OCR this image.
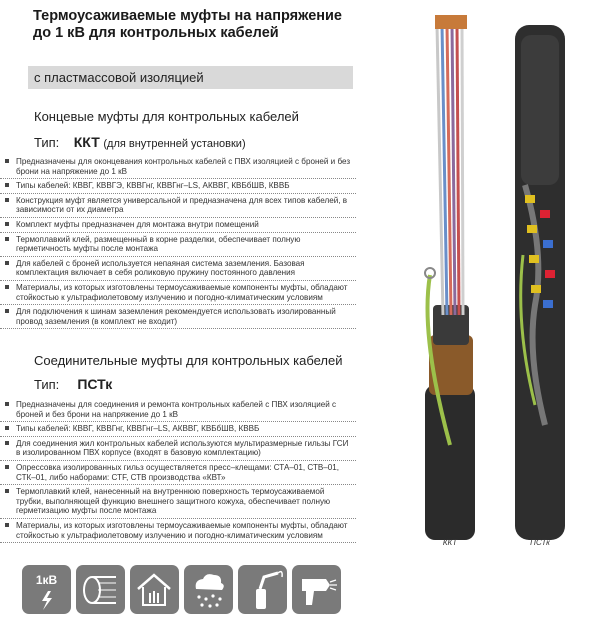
Термоусаживаемые муфты на напряжение до 1 кВ для контрольных кабелей
с пластмассовой изоляцией
Концевые муфты для контрольных кабелей
Тип: ККТ (для внутренней установки)
Предназначены для оконцевания контрольных кабелей с ПВХ изоляцией с броней и без брони на напряжение до 1 кВ
Типы кабелей: КВВГ, КВВГЭ, КВВГнг, КВВГнг–LS, АКВВГ, КВБбШВ, КВВБ
Конструкция муфт является универсальной и предназначена для всех типов кабелей, в зависимости от их диаметра
Комплект муфты предназначен для монтажа внутри помещений
Термоплавкий клей, размещенный в корне разделки, обеспечивает полную герметичность муфты после монтажа
Для кабелей с броней используется непаяная система заземления. Базовая комплектация включает в себя роликовую пружину постоянного давления
Материалы, из которых изготовлены термоусаживаемые компоненты муфты, обладают стойкостью к ультрафиолетовому излучению и погодно-климатическим условиям
Для подключения к шинам заземления рекомендуется использовать изолированный провод заземления (в комплект не входит)
Соединительные муфты для контрольных кабелей
Тип: ПСТк
Предназначены для соединения и ремонта контрольных кабелей с ПВХ изоляцией с броней и без брони на напряжение до 1 кВ
Типы кабелей: КВВГ, КВВГнг, КВВГнг–LS, АКВВГ, КВБбШВ, КВВБ
Для соединения жил контрольных кабелей используются мультиразмерные гильзы ГСИ в изолированном ПВХ корпусе (входят в базовую комплектацию)
Опрессовка изолированных гильз осуществляется пресс–клещами: СТА–01, СТВ–01, СТК–01, либо наборами: СТF, СТВ производства «КВТ»
Термоплавкий клей, нанесенный на внутреннюю поверхность термоусаживаемой трубки, выполняющей функцию внешнего защитного кожуха, обеспечивает полную герметизацию муфты после монтажа
Материалы, из которых изготовлены термоусаживаемые компоненты муфты, обладают стойкостью к ультрафиолетовому излучению и погодно-климатическим условиям
ККТ	ПСТк
1кВ
